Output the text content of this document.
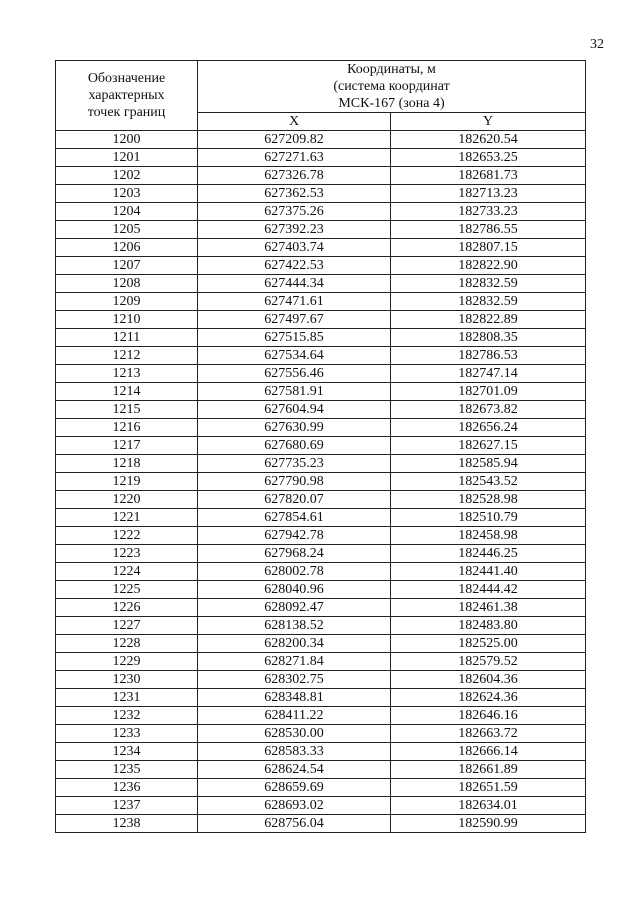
32
Обозначение
характерных
точек границ	Координаты, м
(система координат
МСК-167 (зона 4)	

	X	Y
1200	627209.82	182620.54
1201	627271.63	182653.25
1202	627326.78	182681.73
1203	627362.53	182713.23
1204	627375.26	182733.23
1205	627392.23	182786.55
1206	627403.74	182807.15
1207	627422.53	182822.90
1208	627444.34	182832.59
1209	627471.61	182832.59
1210	627497.67	182822.89
1211	627515.85	182808.35
1212	627534.64	182786.53
1213	627556.46	182747.14
1214	627581.91	182701.09
1215	627604.94	182673.82
1216	627630.99	182656.24
1217	627680.69	182627.15
1218	627735.23	182585.94
1219	627790.98	182543.52
1220	627820.07	182528.98
1221	627854.61	182510.79
1222	627942.78	182458.98
1223	627968.24	182446.25
1224	628002.78	182441.40
1225	628040.96	182444.42
1226	628092.47	182461.38
1227	628138.52	182483.80
1228	628200.34	182525.00
1229	628271.84	182579.52
1230	628302.75	182604.36
1231	628348.81	182624.36
1232	628411.22	182646.16
1233	628530.00	182663.72
1234	628583.33	182666.14
1235	628624.54	182661.89
1236	628659.69	182651.59
1237	628693.02	182634.01
1238	628756.04	182590.99
